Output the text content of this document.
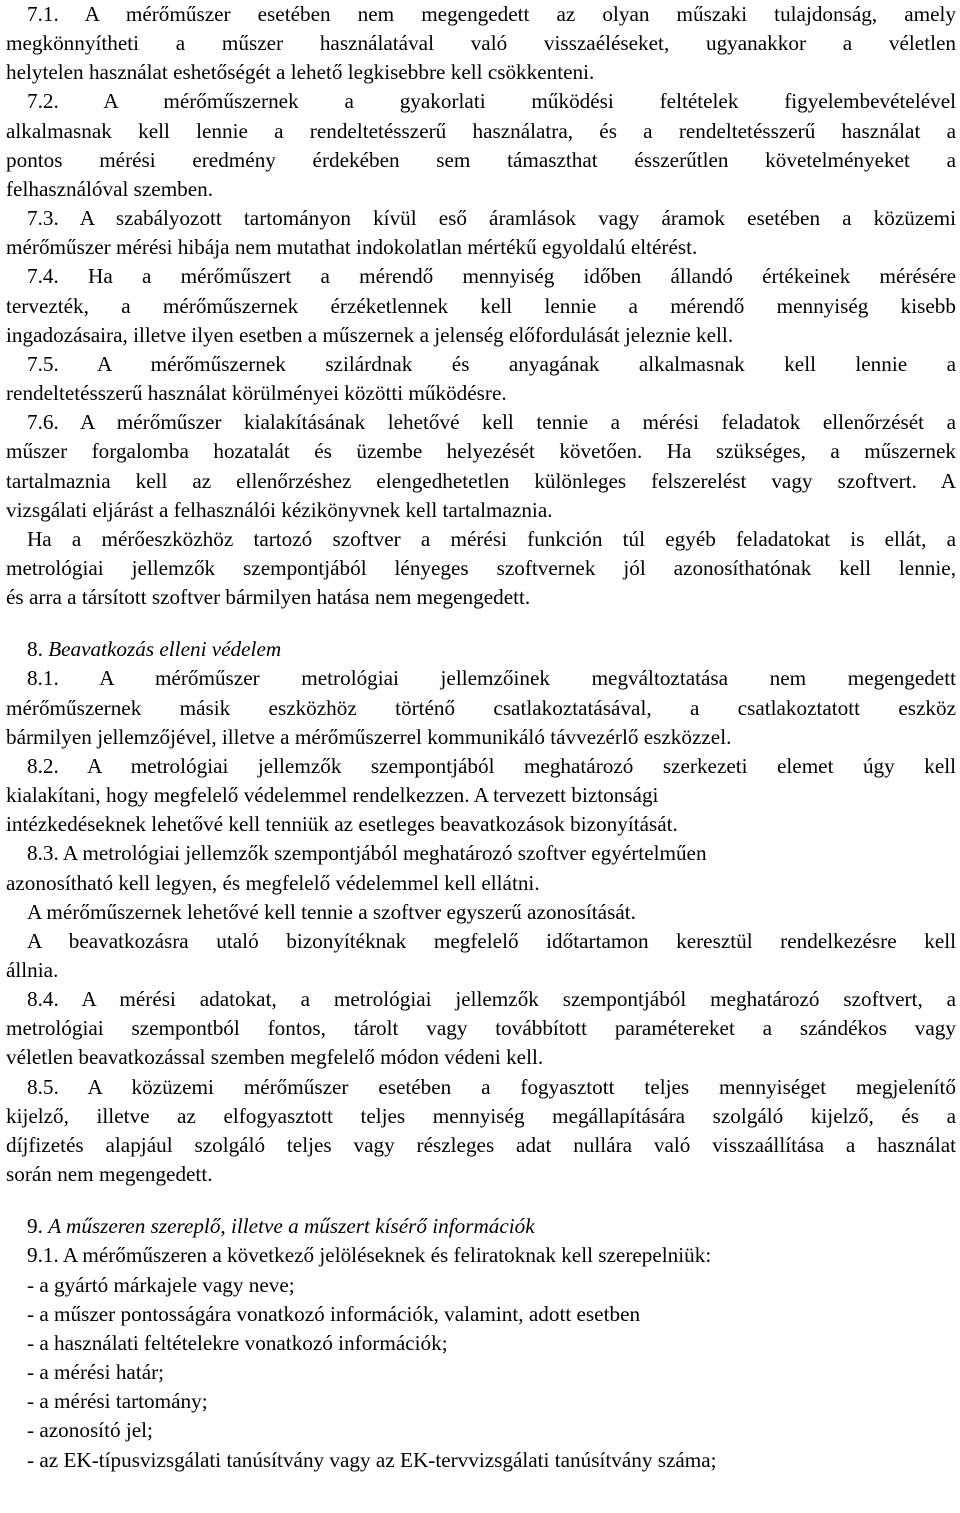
7.1. A mérőműszer esetében nem megengedett az olyan műszaki tulajdonság, amely

megkönnyítheti a műszer használatával való visszaéléseket, ugyanakkor a véletlen

helytelen használat eshetőségét a lehető legkisebbre kell csökkenteni.

7.2. A mérőműszernek a gyakorlati működési feltételek figyelembevételével

alkalmasnak kell lennie a rendeltetésszerű használatra, és a rendeltetésszerű használat a

pontos mérési eredmény érdekében sem támaszthat ésszerűtlen követelményeket a

felhasználóval szemben.

7.3. A szabályozott tartományon kívül eső áramlások vagy áramok esetében a közüzemi

mérőműszer mérési hibája nem mutathat indokolatlan mértékű egyoldalú eltérést.

7.4. Ha a mérőműszert a mérendő mennyiség időben állandó értékeinek mérésére

tervezték, a mérőműszernek érzéketlennek kell lennie a mérendő mennyiség kisebb

ingadozásaira, illetve ilyen esetben a műszernek a jelenség előfordulását jeleznie kell.

7.5. A mérőműszernek szilárdnak és anyagának alkalmasnak kell lennie a

rendeltetésszerű használat körülményei közötti működésre.

7.6. A mérőműszer kialakításának lehetővé kell tennie a mérési feladatok ellenőrzését a

műszer forgalomba hozatalát és üzembe helyezését követően. Ha szükséges, a műszernek

tartalmaznia kell az ellenőrzéshez elengedhetetlen különleges felszerelést vagy szoftvert. A

vizsgálati eljárást a felhasználói kézikönyvnek kell tartalmaznia.

Ha a mérőeszközhöz tartozó szoftver a mérési funkción túl egyéb feladatokat is ellát, a

metrológiai jellemzők szempontjából lényeges szoftvernek jól azonosíthatónak kell lennie,

és arra a társított szoftver bármilyen hatása nem megengedett.

8. Beavatkozás elleni védelem

8.1. A mérőműszer metrológiai jellemzőinek megváltoztatása nem megengedett

mérőműszernek másik eszközhöz történő csatlakoztatásával, a csatlakoztatott eszköz

bármilyen jellemzőjével, illetve a mérőműszerrel kommunikáló távvezérlő eszközzel.

8.2. A metrológiai jellemzők szempontjából meghatározó szerkezeti elemet úgy kell

kialakítani, hogy megfelelő védelemmel rendelkezzen. A tervezett biztonsági

intézkedéseknek lehetővé kell tenniük az esetleges beavatkozások bizonyítását.

8.3. A metrológiai jellemzők szempontjából meghatározó szoftver egyértelműen

azonosítható kell legyen, és megfelelő védelemmel kell ellátni.

A mérőműszernek lehetővé kell tennie a szoftver egyszerű azonosítását.

A beavatkozásra utaló bizonyítéknak megfelelő időtartamon keresztül rendelkezésre kell

állnia.

8.4. A mérési adatokat, a metrológiai jellemzők szempontjából meghatározó szoftvert, a

metrológiai szempontból fontos, tárolt vagy továbbított paramétereket a szándékos vagy

véletlen beavatkozással szemben megfelelő módon védeni kell.

8.5. A közüzemi mérőműszer esetében a fogyasztott teljes mennyiséget megjelenítő

kijelző, illetve az elfogyasztott teljes mennyiség megállapítására szolgáló kijelző, és a

díjfizetés alapjául szolgáló teljes vagy részleges adat nullára való visszaállítása a használat

során nem megengedett.

9. A műszeren szereplő, illetve a műszert kísérő információk

9.1. A mérőműszeren a következő jelöléseknek és feliratoknak kell szerepelniük:

- a gyártó márkajele vagy neve;

- a műszer pontosságára vonatkozó információk, valamint, adott esetben

- a használati feltételekre vonatkozó információk;

- a mérési határ;

- a mérési tartomány;

- azonosító jel;

- az EK-típusvizsgálati tanúsítvány vagy az EK-tervvizsgálati tanúsítvány száma;
